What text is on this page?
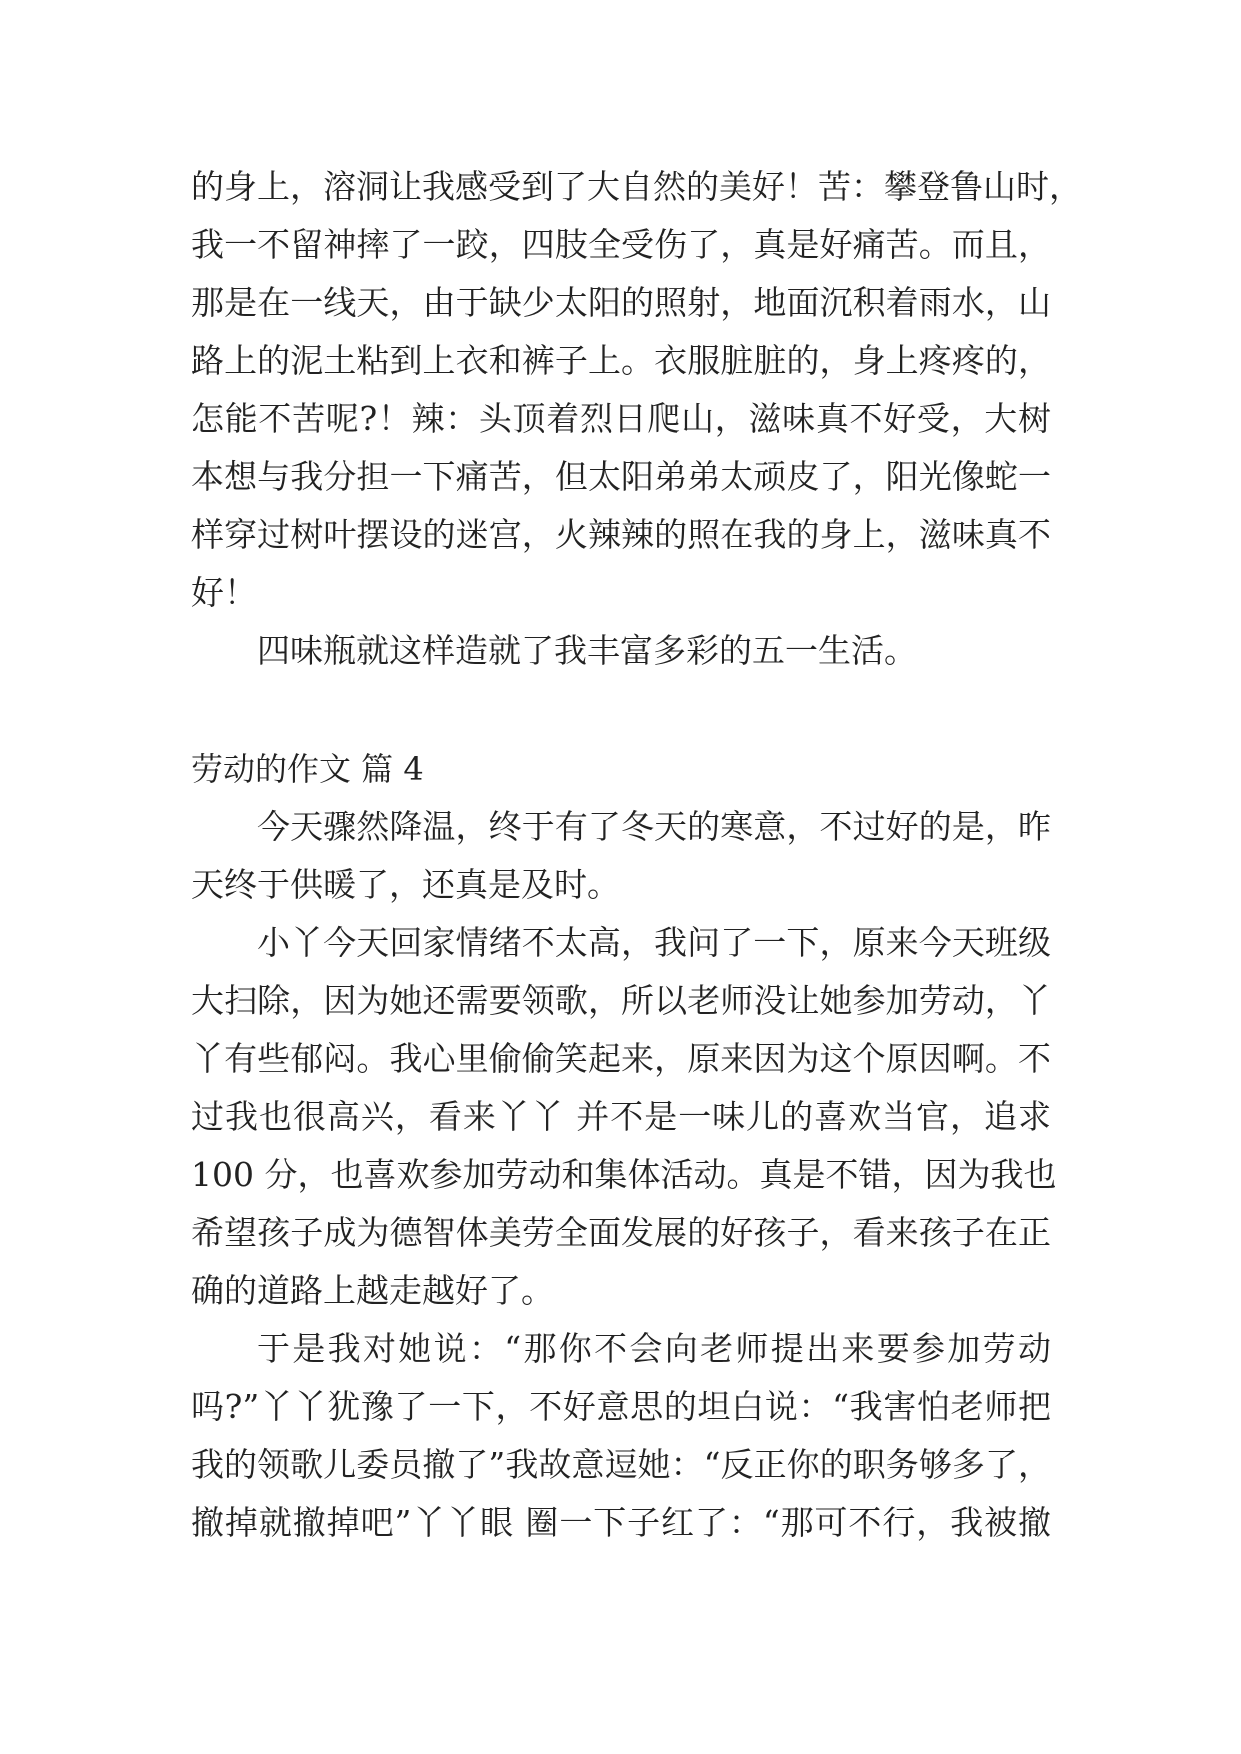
的身上，溶洞让我感受到了大自然的美好！苦：攀登鲁山时，
我一不留神摔了一跤，四肢全受伤了，真是好痛苦。而且，
那是在一线天，由于缺少太阳的照射，地面沉积着雨水，山
路上的泥土粘到上衣和裤子上。衣服脏脏的，身上疼疼的，
怎能不苦呢?！辣：头顶着烈日爬山，滋味真不好受，大树
本想与我分担一下痛苦，但太阳弟弟太顽皮了，阳光像蛇一
样穿过树叶摆设的迷宫，火辣辣的照在我的身上，滋味真不
好！
四味瓶就这样造就了我丰富多彩的五一生活。
劳动的作文 篇 4
今天骤然降温，终于有了冬天的寒意，不过好的是，昨
天终于供暖了，还真是及时。
小丫今天回家情绪不太高，我问了一下，原来今天班级
大扫除，因为她还需要领歌，所以老师没让她参加劳动，丫
丫有些郁闷。我心里偷偷笑起来，原来因为这个原因啊。不
过我也很高兴，看来丫丫 并不是一味儿的喜欢当官，追求
100 分，也喜欢参加劳动和集体活动。真是不错，因为我也
希望孩子成为德智体美劳全面发展的好孩子，看来孩子在正
确的道路上越走越好了。
于是我对她说：“那你不会向老师提出来要参加劳动
吗?”丫丫犹豫了一下，不好意思的坦白说：“我害怕老师把
我的领歌儿委员撤了”我故意逗她：“反正你的职务够多了，
撤掉就撤掉吧”丫丫眼 圈一下子红了：“那可不行，我被撤
